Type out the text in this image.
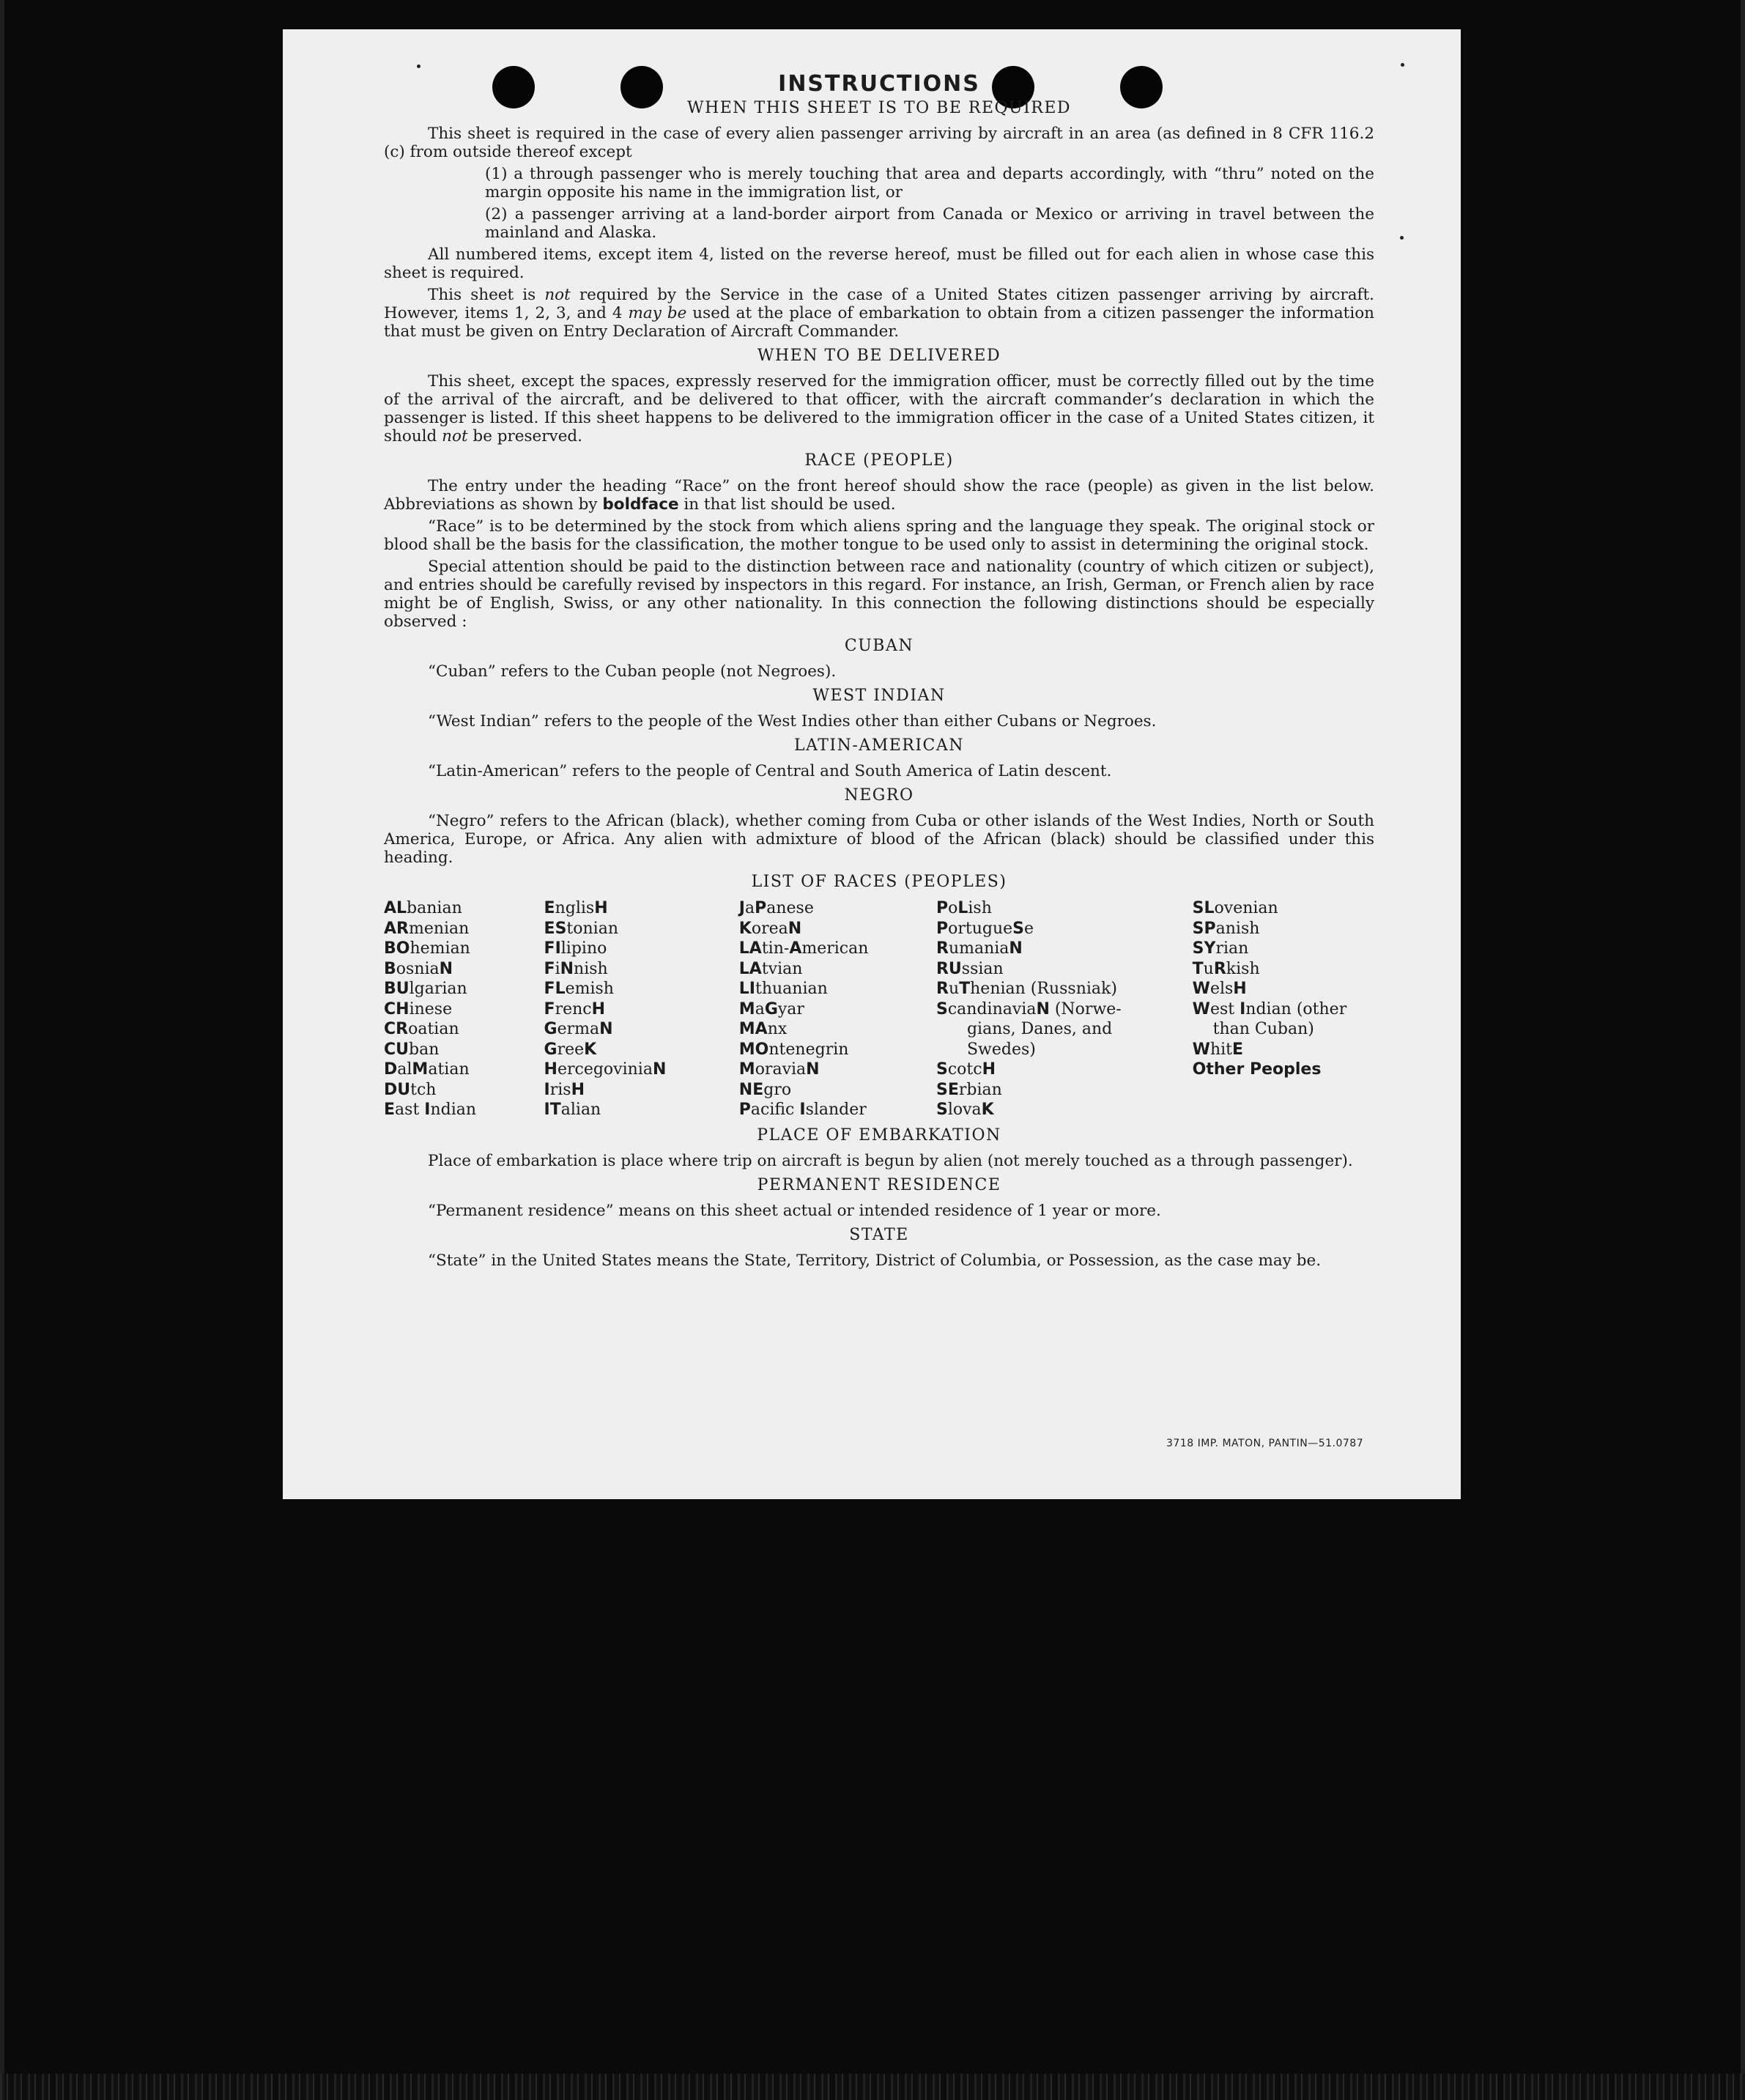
INSTRUCTIONS
WHEN THIS SHEET IS TO BE REQUIRED

This sheet is required in the case of every alien passenger arriving by aircraft in an area (as defined in 8 CFR 116.2 (c) from outside thereof except

(1) a through passenger who is merely touching that area and departs accordingly, with “thru” noted on the margin opposite his name in the immigration list, or

(2) a passenger arriving at a land-border airport from Canada or Mexico or arriving in travel between the mainland and Alaska.

All numbered items, except item 4, listed on the reverse hereof, must be filled out for each alien in whose case this sheet is required.

This sheet is not required by the Service in the case of a United States citizen passenger arriving by aircraft. However, items 1, 2, 3, and 4 may be used at the place of embarkation to obtain from a citizen passenger the information that must be given on Entry Declaration of Aircraft Commander.

WHEN TO BE DELIVERED

This sheet, except the spaces, expressly reserved for the immigration officer, must be correctly filled out by the time of the arrival of the aircraft, and be delivered to that officer, with the aircraft commander’s declaration in which the passenger is listed. If this sheet happens to be delivered to the immigration officer in the case of a United States citizen, it should not be preserved.

RACE (PEOPLE)

The entry under the heading “Race” on the front hereof should show the race (people) as given in the list below. Abbreviations as shown by boldface in that list should be used.

“Race” is to be determined by the stock from which aliens spring and the language they speak. The original stock or blood shall be the basis for the classification, the mother tongue to be used only to assist in determining the original stock.

Special attention should be paid to the distinction between race and nationality (country of which citizen or subject), and entries should be carefully revised by inspectors in this regard. For instance, an Irish, German, or French alien by race might be of English, Swiss, or any other nationality. In this connection the following distinctions should be especially observed :

CUBAN

“Cuban” refers to the Cuban people (not Negroes).

WEST INDIAN

“West Indian” refers to the people of the West Indies other than either Cubans or Negroes.

LATIN-AMERICAN

“Latin-American” refers to the people of Central and South America of Latin descent.

NEGRO

“Negro” refers to the African (black), whether coming from Cuba or other islands of the West Indies, North or South America, Europe, or Africa. Any alien with admixture of blood of the African (black) should be classified under this heading.

LIST OF RACES (PEOPLES)
ALbanian
ARmenian
BOhemian
BosniaN
BUlgarian
CHinese
CRoatian
CUban
DalMatian
DUtch
East Indian
EnglisH
EStonian
FIlipino
FiNnish
FLemish
FrencH
GermaN
GreeK
HercegoviniaN
IrisH
ITalian
JaPanese
KoreaN
LAtin-American
LAtvian
LIthuanian
MaGyar
MAnx
MOntenegrin
MoraviaN
NEgro
Pacific Islander
PoLish
PortugueSe
RumaniaN
RUssian
RuThenian (Russniak)
ScandinaviaN (Norwe-
gians, Danes, and
Swedes)
ScotcH
SErbian
SlovaK
SLovenian
SPanish
SYrian
TuRkish
WelsH
West Indian (other
than Cuban)
WhitE
Other Peoples
PLACE OF EMBARKATION

Place of embarkation is place where trip on aircraft is begun by alien (not merely touched as a through passenger).

PERMANENT RESIDENCE

“Permanent residence” means on this sheet actual or intended residence of 1 year or more.

STATE

“State” in the United States means the State, Territory, District of Columbia, or Possession, as the case may be.

3718 IMP. MATON, PANTIN—51.0787
